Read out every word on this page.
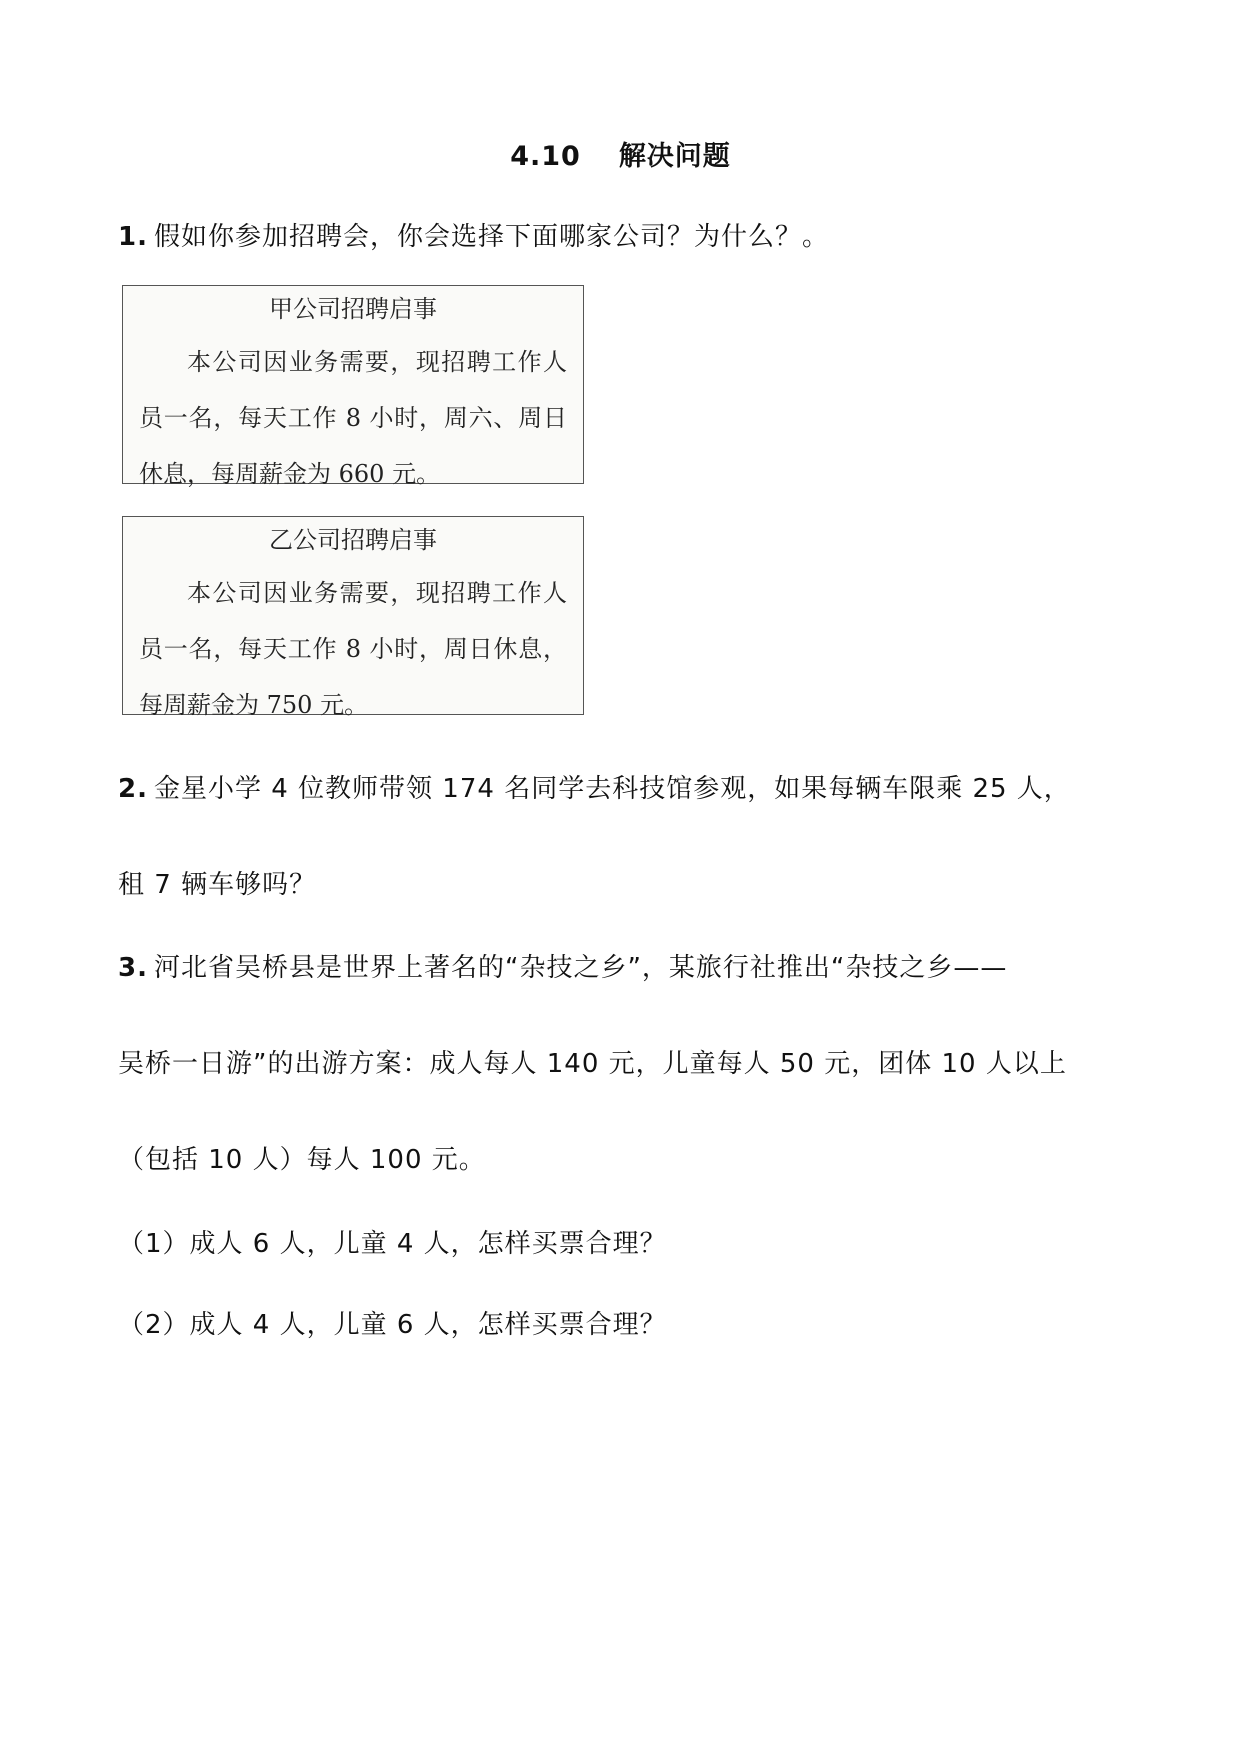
4.10 解决问题
1. 假如你参加招聘会，你会选择下面哪家公司？为什么？。
甲公司招聘启事
本公司因业务需要，现招聘工作人员一名，每天工作 8 小时，周六、周日休息，每周薪金为 660 元。
乙公司招聘启事
本公司因业务需要，现招聘工作人员一名，每天工作 8 小时，周日休息，每周薪金为 750 元。
2. 金星小学 4 位教师带领 174 名同学去科技馆参观，如果每辆车限乘 25 人，
租 7 辆车够吗？
3. 河北省吴桥县是世界上著名的“杂技之乡”，某旅行社推出“杂技之乡——
吴桥一日游”的出游方案：成人每人 140 元，儿童每人 50 元，团体 10 人以上
（包括 10 人）每人 100 元。
（1）成人 6 人，儿童 4 人，怎样买票合理？
（2）成人 4 人，儿童 6 人，怎样买票合理？
